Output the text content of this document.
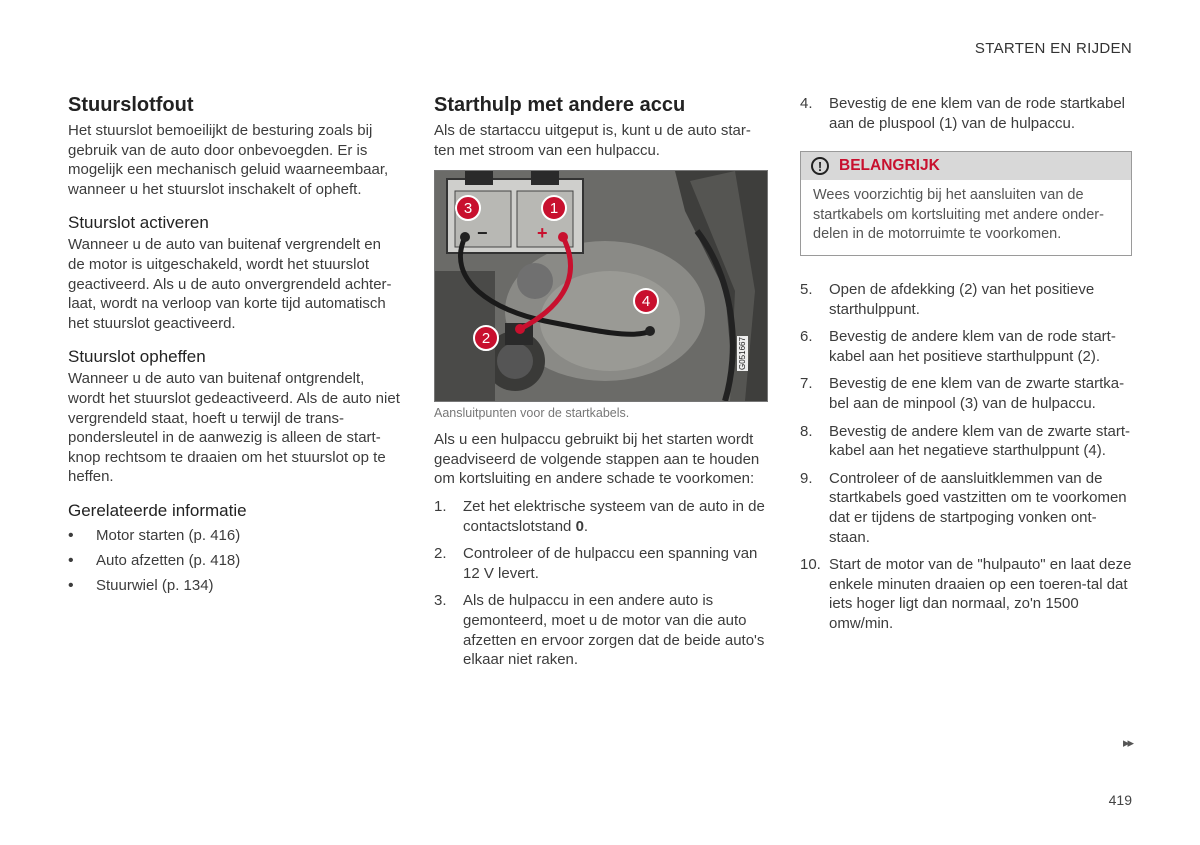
STARTEN EN RIJDEN
Stuurslotfout

Het stuurslot bemoeilijkt de besturing zoals bij gebruik van de auto door onbevoegden. Er is mogelijk een mechanisch geluid waarneembaar, wanneer u het stuurslot inschakelt of opheft.

Stuurslot activeren

Wanneer u de auto van buitenaf vergrendelt en de motor is uitgeschakeld, wordt het stuurslot geactiveerd. Als u de auto onvergrendeld achter-laat, wordt na verloop van korte tijd automatisch het stuurslot geactiveerd.

Stuurslot opheffen

Wanneer u de auto van buitenaf ontgrendelt, wordt het stuurslot gedeactiveerd. Als de auto niet vergrendeld staat, hoeft u terwijl de trans-pondersleutel in de aanwezig is alleen de start-knop rechtsom te draaien om het stuurslot op te heffen.

Gerelateerde informatie
• Motor starten (p. 416)
• Auto afzetten (p. 418)
• Stuurwiel (p. 134)
Starthulp met andere accu

Als de startaccu uitgeput is, kunt u de auto star-ten met stroom van een hulpaccu.

3	1
2
4
−	+
G051667
Aansluitpunten voor de startkabels.

Als u een hulpaccu gebruikt bij het starten wordt geadviseerd de volgende stappen aan te houden om kortsluiting en andere schade te voorkomen:

1. Zet het elektrische systeem van de auto in de contactslotstand 0.
2. Controleer of de hulpaccu een spanning van 12 V levert.
3. Als de hulpaccu in een andere auto is gemonteerd, moet u de motor van die auto afzetten en ervoor zorgen dat de beide auto's elkaar niet raken.
4. Bevestig de ene klem van de rode startkabel aan de pluspool (1) van de hulpaccu.
!	BELANGRIJK
Wees voorzichtig bij het aansluiten van de startkabels om kortsluiting met andere onder-delen in de motorruimte te voorkomen.
5. Open de afdekking (2) van het positieve starthulppunt.
6. Bevestig de andere klem van de rode start-kabel aan het positieve starthulppunt (2).
7. Bevestig de ene klem van de zwarte startka-bel aan de minpool (3) van de hulpaccu.
8. Bevestig de andere klem van de zwarte start-kabel aan het negatieve starthulppunt (4).
9. Controleer of de aansluitklemmen van de startkabels goed vastzitten om te voorkomen dat er tijdens de startpoging vonken ont-staan.
10. Start de motor van de "hulpauto" en laat deze enkele minuten draaien op een toeren-tal dat iets hoger ligt dan normaal, zo'n 1500 omw/min.
▸▸
419
